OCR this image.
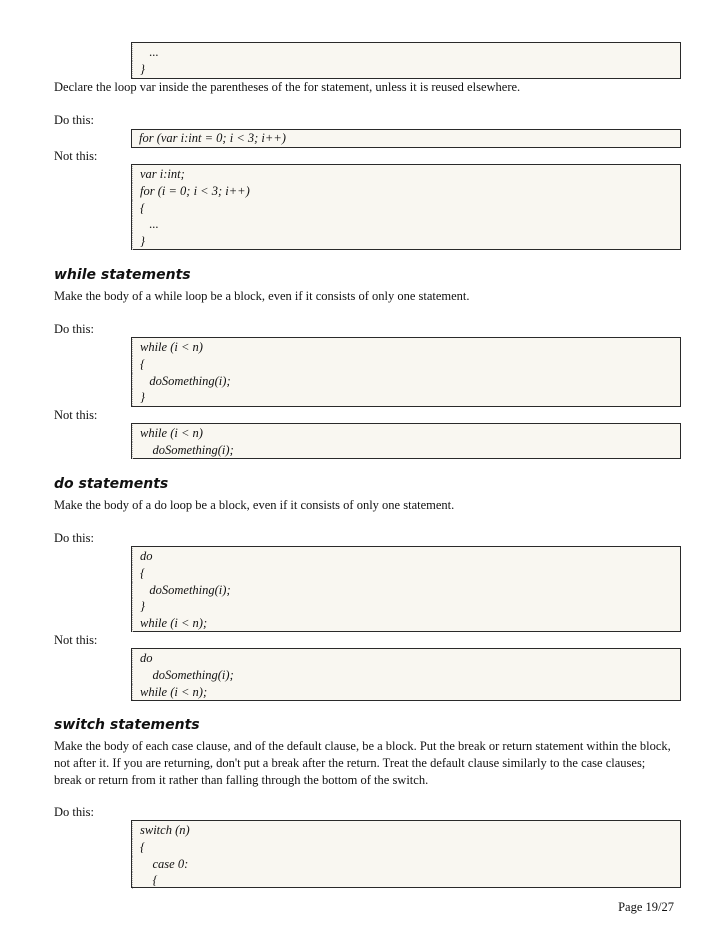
...
}
Declare the loop var inside the parentheses of the for statement, unless it is reused elsewhere.
Do this:
for (var i:int = 0; i < 3; i++)
Not this:
var i:int;
for (i = 0; i < 3; i++)
{
...
}
while statements
Make the body of a while loop be a block, even if it consists of only one statement.
Do this:
while (i < n)
{
doSomething(i);
}
Not this:
while (i < n)
doSomething(i);
do statements
Make the body of a do loop be a block, even if it consists of only one statement.
Do this:
do
{
doSomething(i);
}
while (i < n);
Not this:
do
doSomething(i);
while (i < n);
switch statements
Make the body of each case clause, and of the default clause, be a block. Put the break or return statement within the block, not after it. If you are returning, don't put a break after the return. Treat the default clause similarly to the case clauses; break or return from it rather than falling through the bottom of the switch.
Do this:
switch (n)
{
case 0:
{
Page 19/27
